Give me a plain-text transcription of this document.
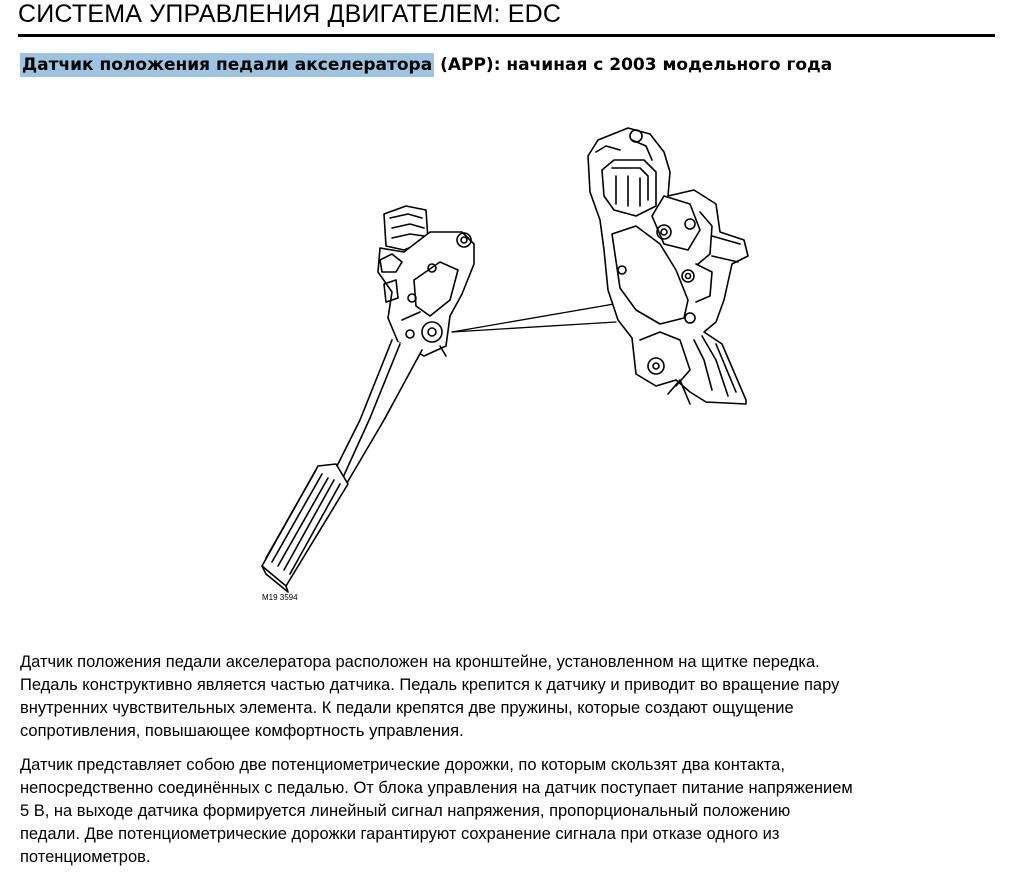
СИСТЕМА УПРАВЛЕНИЯ ДВИГАТЕЛЕМ: EDC
Датчик положения педали акселератора (APP): начиная с 2003 модельного года
M19 3594
Датчик положения педали акселератора расположен на кронштейне, установленном на щитке передка.
Педаль конструктивно является частью датчика. Педаль крепится к датчику и приводит во вращение пару
внутренних чувствительных элемента. К педали крепятся две пружины, которые создают ощущение
сопротивления, повышающее комфортность управления.
Датчик представляет собою две потенциометрические дорожки, по которым скользят два контакта,
непосредственно соединённых с педалью. От блока управления на датчик поступает питание напряжением
5 В, на выходе датчика формируется линейный сигнал напряжения, пропорциональный положению
педали. Две потенциометрические дорожки гарантируют сохранение сигнала при отказе одного из
потенциометров.
